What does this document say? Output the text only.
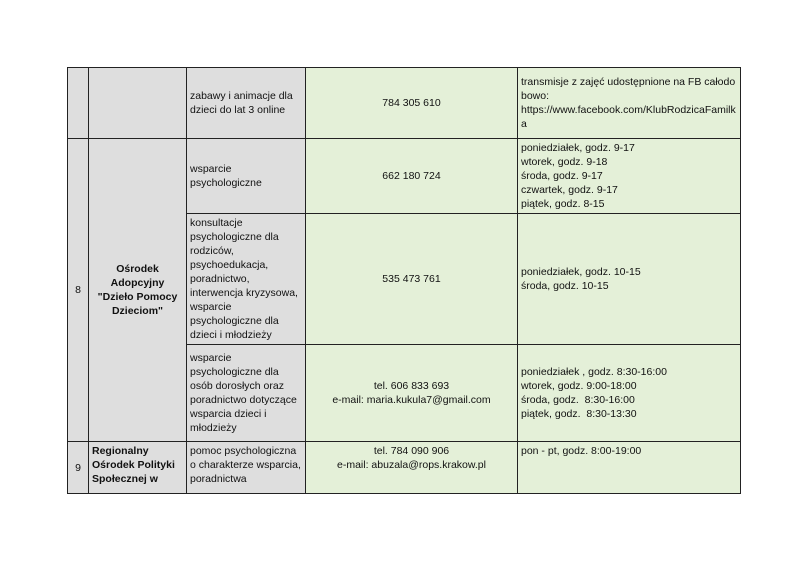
		zabawy i animacje dla dzieci do lat 3 online	784 305 610	transmisje z zajęć udostępnione na FB całodobowo:
https://www.facebook.com/KlubRodzicaFamilka

8	Ośrodek Adopcyjny "Dzieło Pomocy Dzieciom"	wsparcie psychologiczne	662 180 724	poniedziałek, godz. 9-17
wtorek, godz. 9-18
środa, godz. 9-17
czwartek, godz. 9-17
piątek, godz. 8-15

		konsultacje psychologiczne dla rodziców, psychoedukacja, poradnictwo, interwencja kryzysowa, wsparcie psychologiczne dla dzieci i młodzieży	535 473 761	poniedziałek, godz. 10-15
środa, godz. 10-15

		wsparcie psychologiczne dla osób dorosłych oraz poradnictwo dotyczące wsparcia dzieci i młodzieży	tel. 606 833 693
e-mail: maria.kukula7@gmail.com	poniedziałek , godz. 8:30-16:00
wtorek, godz. 9:00-18:00
środa, godz.  8:30-16:00
piątek, godz.  8:30-13:30

9	Regionalny Ośrodek Polityki Społecznej w	pomoc psychologiczna o charakterze wsparcia, poradnictwa	tel. 784 090 906
e-mail: abuzala@rops.krakow.pl	pon - pt, godz. 8:00-19:00
